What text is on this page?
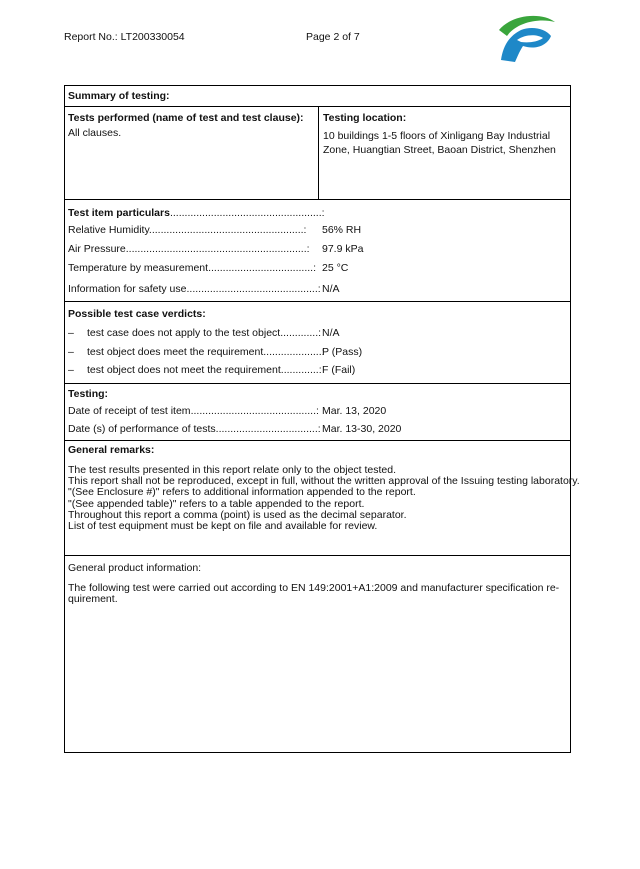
Report No.: LT200330054	Page 2 of 7
Summary of testing:
Tests performed (name of test and test clause):
All clauses.
Testing location:
10 buildings 1-5 floors of Xinligang Bay Industrial
Zone, Huangtian Street, Baoan District, Shenzhen
Test item particulars....................................................:
Relative Humidity.....................................................: 56% RH
Air Pressure..............................................................: 97.9 kPa
Temperature by measurement....................................: 25 °C
Information for safety use.............................................: N/A
Possible test case verdicts:
– test case does not apply to the test object.............: N/A
– test object does meet the requirement....................:
P (Pass)
– test object does not meet the requirement.............: F (Fail)
Testing:
Date of receipt of test item...........................................: Mar. 13, 2020
Date (s) of performance of tests...................................: Mar. 13-30, 2020
General remarks:
The test results presented in this report relate only to the object tested.
This report shall not be reproduced, except in full, without the written approval of the Issuing testing laboratory.
"(See Enclosure #)" refers to additional information appended to the report.
"(See appended table)" refers to a table appended to the report.
Throughout this report a comma (point) is used as the decimal separator.
List of test equipment must be kept on file and available for review.
General product information:
The following test were carried out according to EN 149:2001+A1:2009 and manufacturer specification re-
quirement.
